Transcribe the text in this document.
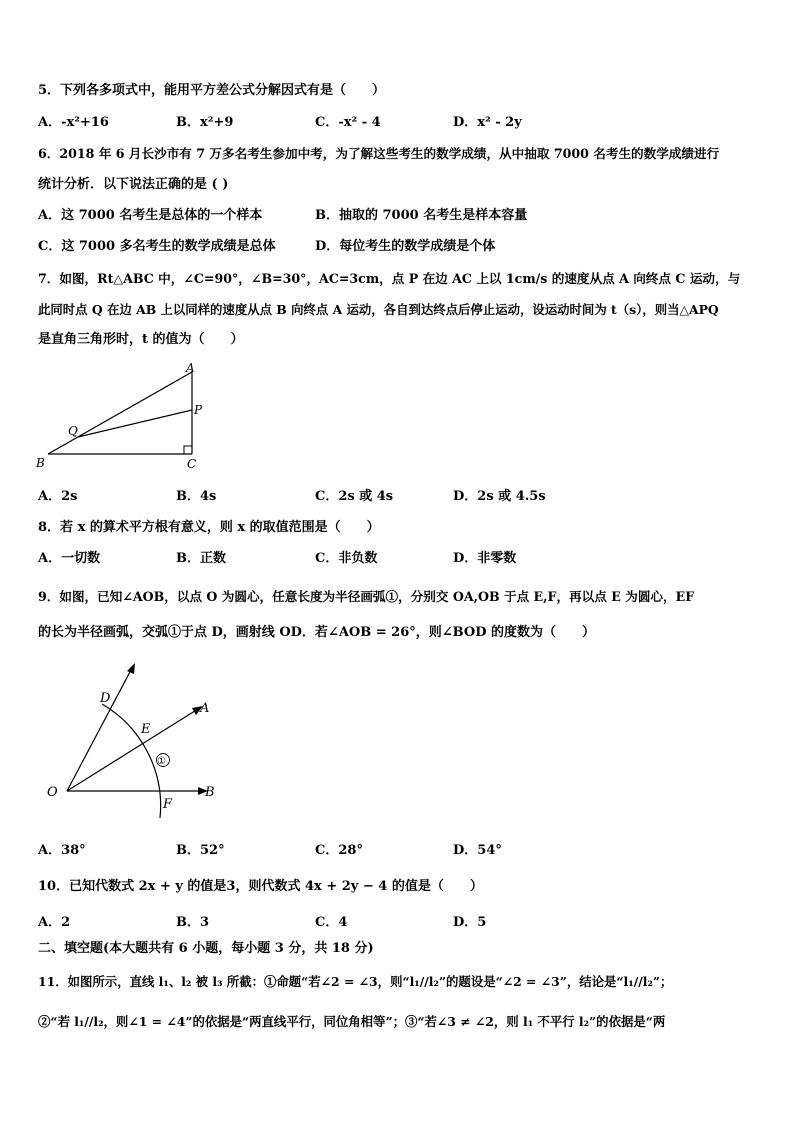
5．下列各多项式中，能用平方差公式分解因式有是（　　）
A．-x²+16	B．x²+9	C．-x² - 4	D．x² - 2y
6．2018 年 6 月长沙市有 7 万多名考生参加中考，为了解这些考生的数学成绩，从中抽取 7000 名考生的数学成绩进行
统计分析．以下说法正确的是 ( )
A．这 7000 名考生是总体的一个样本	B．抽取的 7000 名考生是样本容量
C．这 7000 多名考生的数学成绩是总体	D．每位考生的数学成绩是个体
7．如图，Rt△ABC 中，∠C=90°，∠B=30°，AC=3cm，点 P 在边 AC 上以 1cm/s 的速度从点 A 向终点 C 运动，与
此同时点 Q 在边 AB 上以同样的速度从点 B 向终点 A 运动，各自到达终点后停止运动，设运动时间为 t（s），则当△APQ
是直角三角形时，t 的值为（　　）
A
P
Q
B	C
A．2s	B．4s	C．2s 或 4s	D．2s 或 4.5s
8．若 x 的算术平方根有意义，则 x 的取值范围是（　　）
A．一切数	B．正数	C．非负数	D．非零数
9．如图，已知∠AOB，以点 O 为圆心，任意长度为半径画弧①，分别交 OA,OB 于点 E,F，再以点 E 为圆心，EF
的长为半径画弧，交弧①于点 D，画射线 OD．若∠AOB = 26°，则∠BOD 的度数为（　　）
①
D
A
E
O
F
B
A．38°	B．52°	C．28°	D．54°
10．已知代数式 2x + y 的值是3，则代数式 4x + 2y − 4 的值是（　　）
A．2	B．3	C．4	D．5
二、填空题(本大题共有 6 小题，每小题 3 分，共 18 分)
11．如图所示，直线 l₁、l₂ 被 l₃ 所截：①命题“若∠2 = ∠3，则“l₁//l₂”的题设是“∠2 = ∠3”，结论是“l₁//l₂”；
②“若 l₁//l₂，则∠1 = ∠4”的依据是“两直线平行，同位角相等”；③“若∠3 ≠ ∠2，则 l₁ 不平行 l₂”的依据是“两
